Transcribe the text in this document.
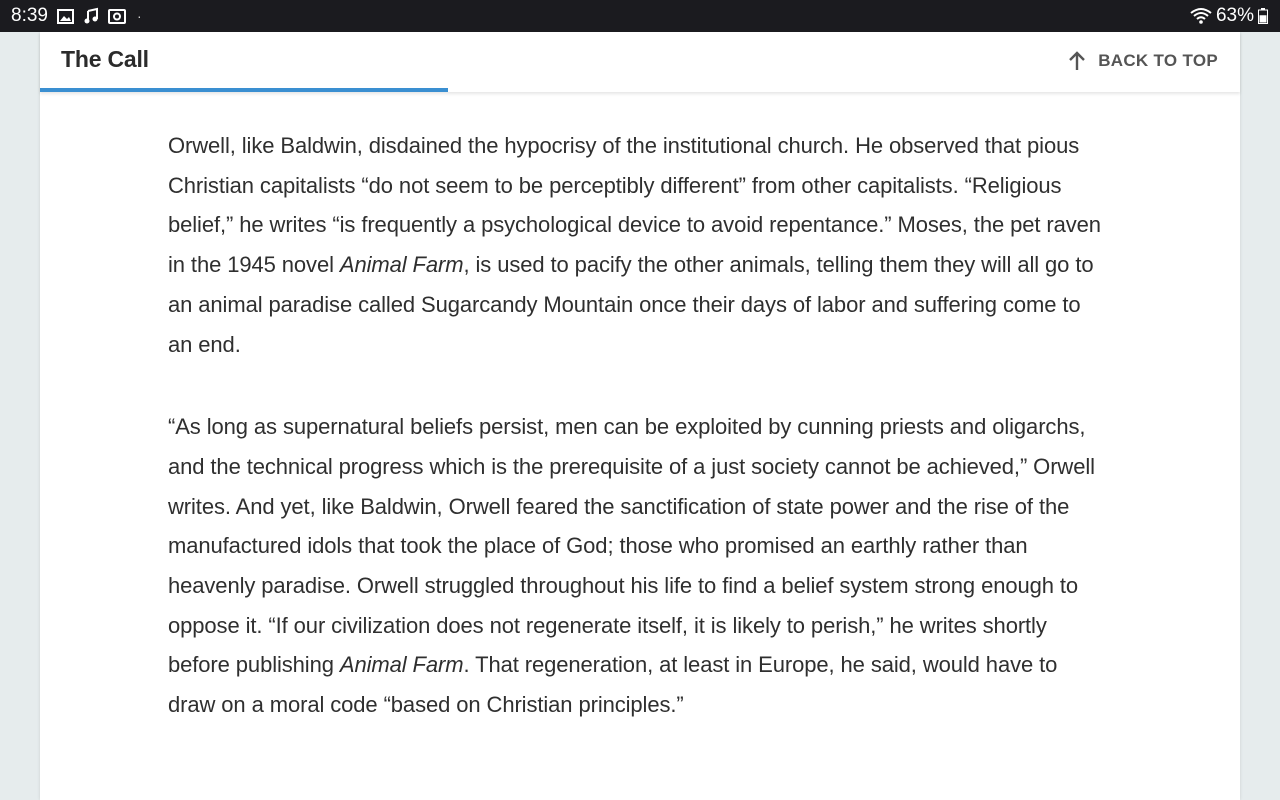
8:39	·	63%
The Call	BACK TO TOP

Orwell, like Baldwin, disdained the hypocrisy of the institutional church. He observed that pious Christian capitalists “do not seem to be perceptibly different” from other capitalists. “Religious belief,” he writes “is frequently a psychological device to avoid repentance.” Moses, the pet raven in the 1945 novel Animal Farm, is used to pacify the other animals, telling them they will all go to an animal paradise called Sugarcandy Mountain once their days of labor and suffering come to an end.

“As long as supernatural beliefs persist, men can be exploited by cunning priests and oligarchs, and the technical progress which is the prerequisite of a just society cannot be achieved,” Orwell writes. And yet, like Baldwin, Orwell feared the sanctification of state power and the rise of the manufactured idols that took the place of God; those who promised an earthly rather than heavenly paradise. Orwell struggled throughout his life to find a belief system strong enough to oppose it. “If our civilization does not regenerate itself, it is likely to perish,” he writes shortly before publishing Animal Farm. That regeneration, at least in Europe, he said, would have to draw on a moral code “based on Christian principles.”
